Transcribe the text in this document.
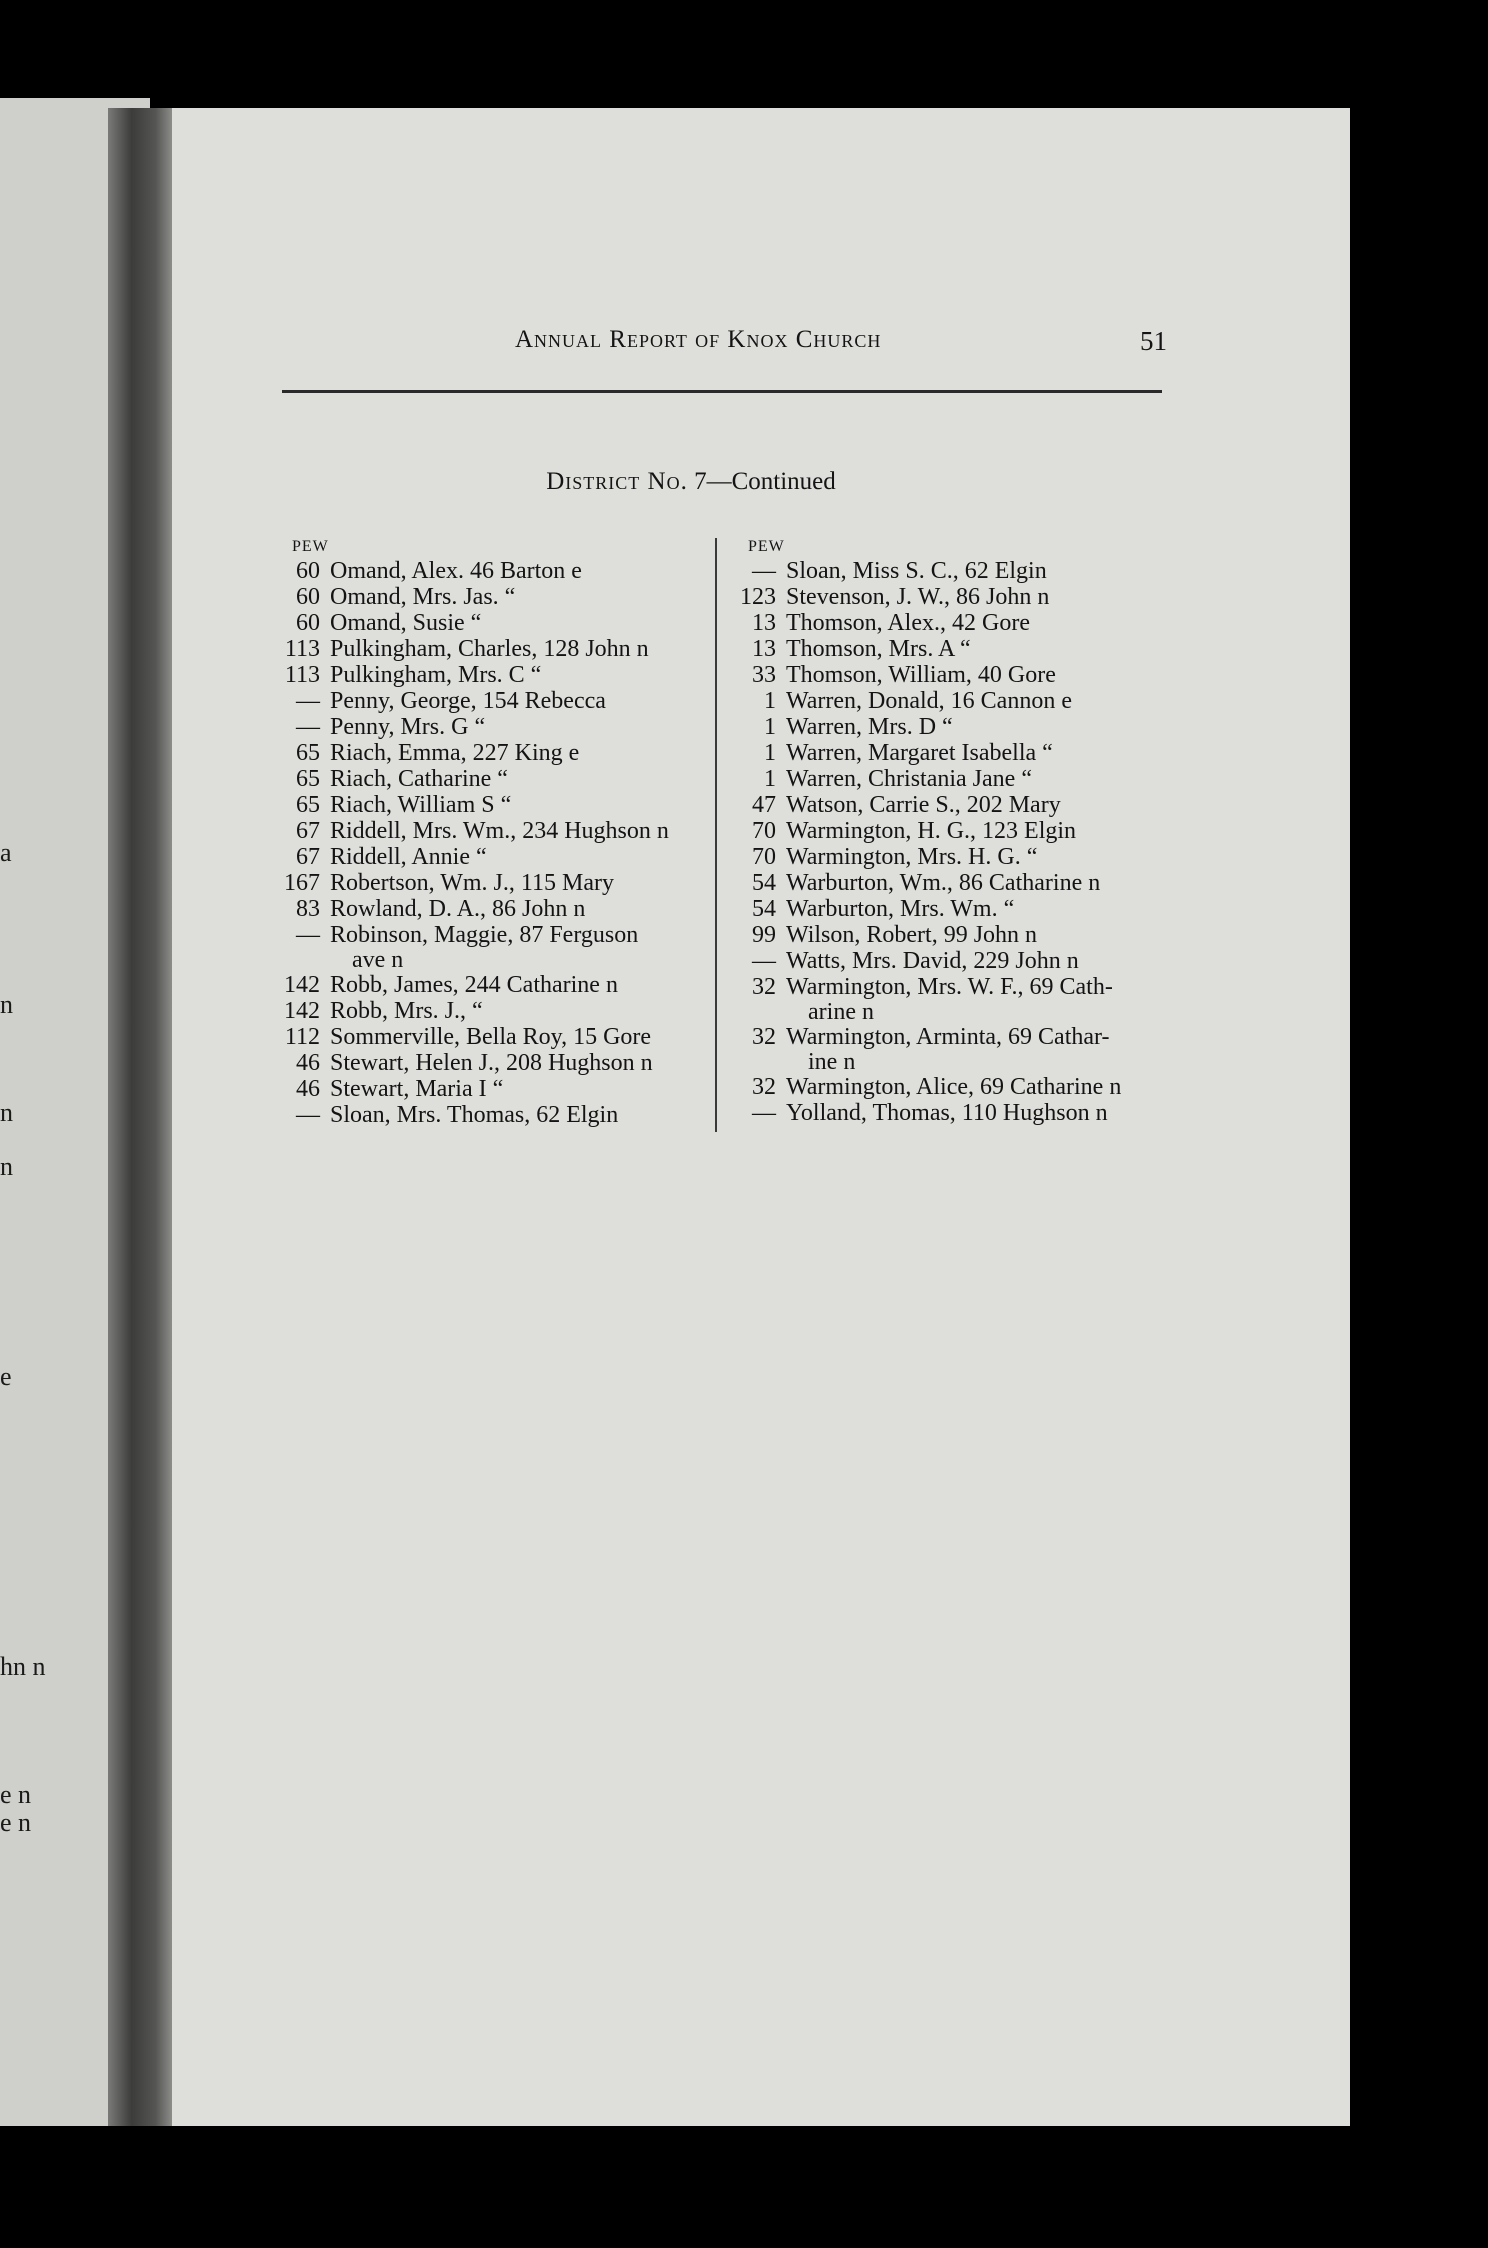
a
n
n
n
e
hn n
e n
e n
Annual Report of Knox Church	51
District No. 7—Continued
PEW
60 Omand, Alex. 46 Barton e
60 Omand, Mrs. Jas. “
60 Omand, Susie “
113 Pulkingham, Charles, 128 John n
113 Pulkingham, Mrs. C “
— Penny, George, 154 Rebecca
— Penny, Mrs. G “
65 Riach, Emma, 227 King e
65 Riach, Catharine “
65 Riach, William S “
67 Riddell, Mrs. Wm., 234 Hughson n
67 Riddell, Annie “
167 Robertson, Wm. J., 115 Mary
83 Rowland, D. A., 86 John n
— Robinson, Maggie, 87 Ferguson
ave n
142 Robb, James, 244 Catharine n
142 Robb, Mrs. J., “
112 Sommerville, Bella Roy, 15 Gore
46 Stewart, Helen J., 208 Hughson n
46 Stewart, Maria I “
— Sloan, Mrs. Thomas, 62 Elgin
PEW
— Sloan, Miss S. C., 62 Elgin
123 Stevenson, J. W., 86 John n
13 Thomson, Alex., 42 Gore
13 Thomson, Mrs. A “
33 Thomson, William, 40 Gore
1 Warren, Donald, 16 Cannon e
1 Warren, Mrs. D “
1 Warren, Margaret Isabella “
1 Warren, Christania Jane “
47 Watson, Carrie S., 202 Mary
70 Warmington, H. G., 123 Elgin
70 Warmington, Mrs. H. G. “
54 Warburton, Wm., 86 Catharine n
54 Warburton, Mrs. Wm. “
99 Wilson, Robert, 99 John n
— Watts, Mrs. David, 229 John n
32 Warmington, Mrs. W. F., 69 Cath-
arine n
32 Warmington, Arminta, 69 Cathar-
ine n
32 Warmington, Alice, 69 Catharine n
— Yolland, Thomas, 110 Hughson n
